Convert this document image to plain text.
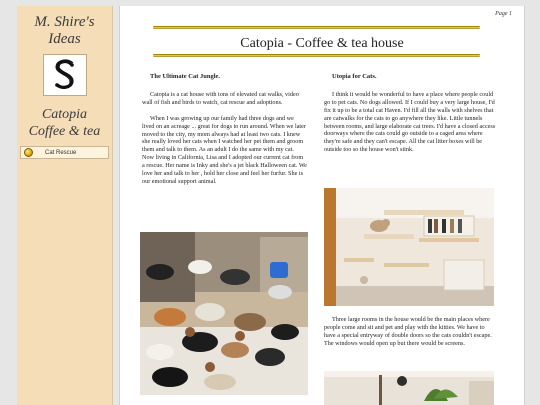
M. Shire's
Ideas
Catopia
Coffee & tea
Cat Rescue
Page 1
Catopia - Coffee & tea house
The Ultimate Cat Jungle.

Catopia is a cat house with tons of elevated cat walks, video wall of fish and birds to watch, cat rescue and adoptions.

When I was growing up our family had three dogs and we lived on an acreage ... great for dogs to run around. When we later moved to the city, my mom always had at least two cats. I knew she really loved her cats when I watched her pet them and groom them and talk to them. As an adult I do the same with my cat. Now living in California, Lisa and I adopted our current cat from a rescue. Her name is Inky and she's a jet black Halloween cat. We love her and talk to her , hold her close and feel her furfur. She is our emotional support animal.

Utopia for Cats.

I think it would be wonderful to have a place where people could go to pet cats. No dogs allowed. If I could buy a very large house, I'd fix it up to be a total cat Haven. I'd fill all the walls with shelves that are catwalks for the cats to go anywhere they like. Little tunnels between rooms, and large elaborate cat trees. I'd have a closed access doorways where the cats could go outside to a caged area where they're safe and they can't escape. All the cat litter boxes will be outside too so the house won't stink.

Three large rooms in the house would be the main places where people come and sit and pet and play with the kitties. We have to have a special entryway of double doors so the cats couldn't escape. The windows would open up but there would be screens.
